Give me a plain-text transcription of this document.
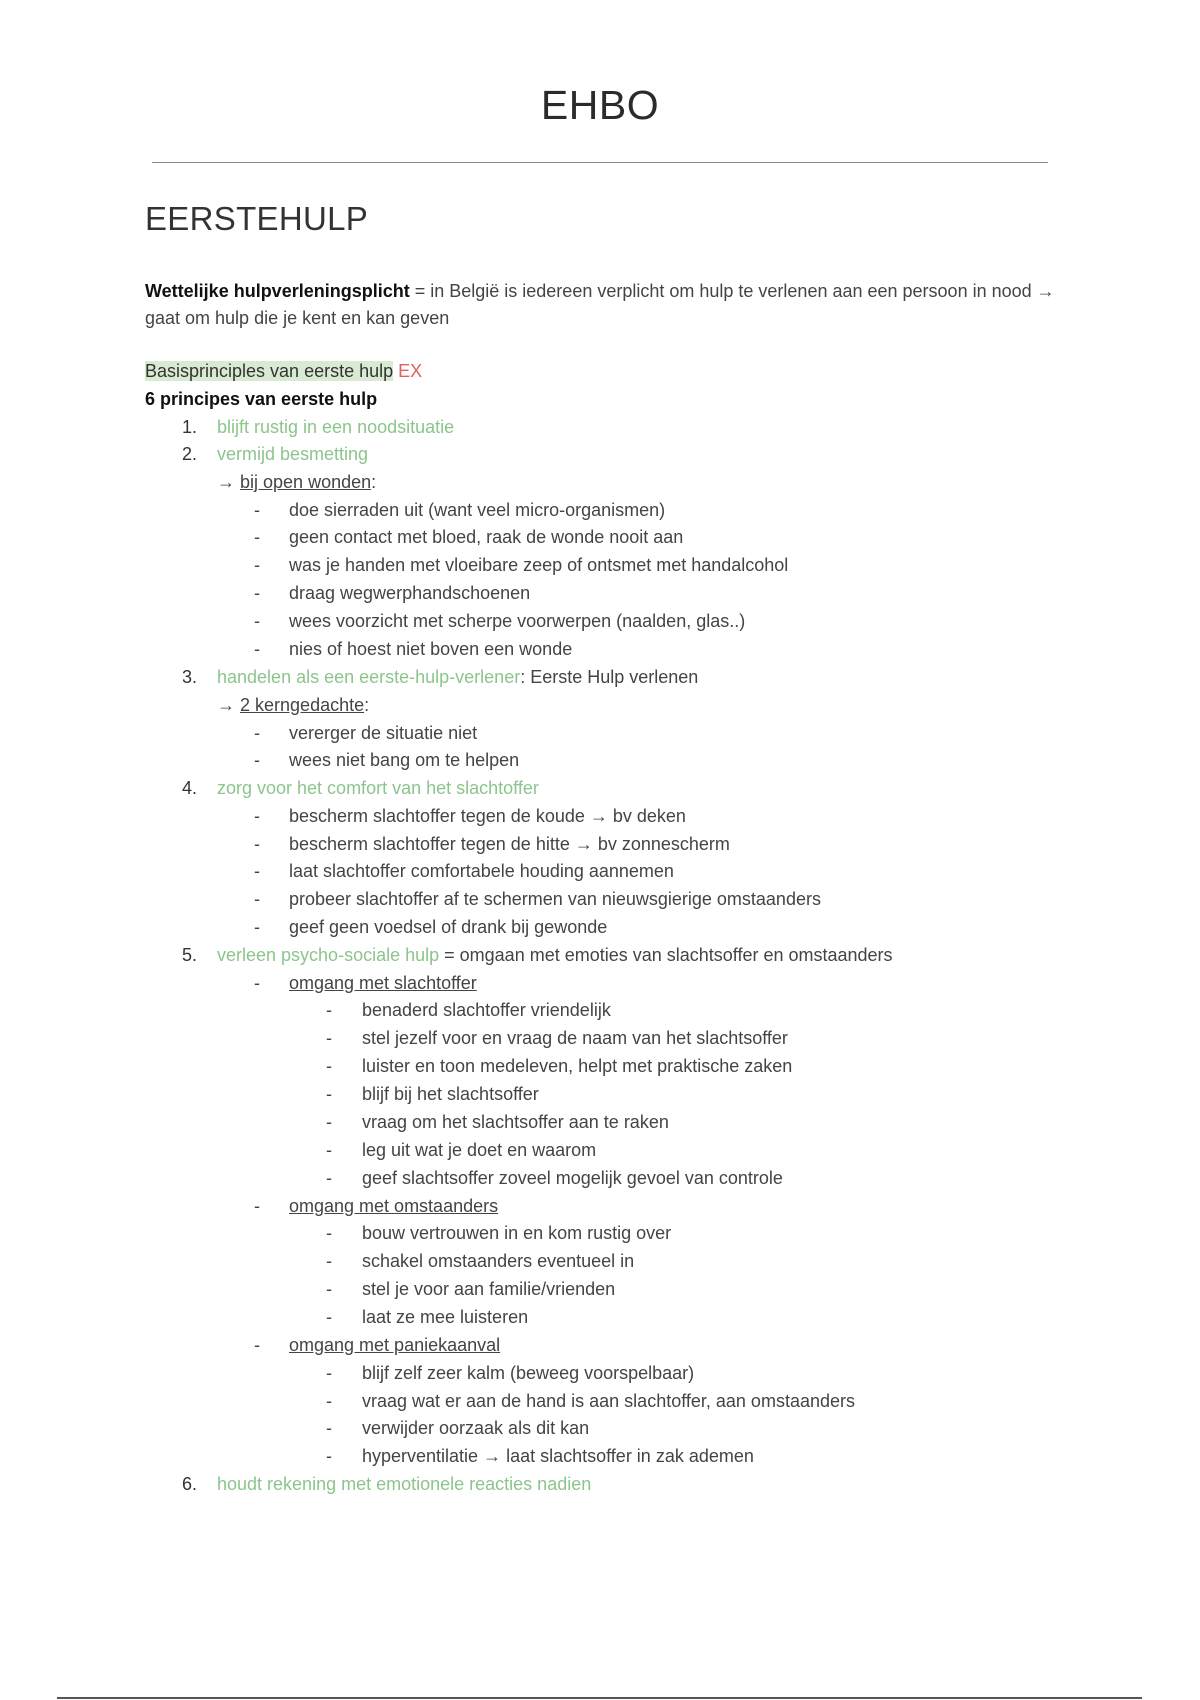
EHBO
EERSTEHULP
Wettelijke hulpverleningsplicht = in België is iedereen verplicht om hulp te verlenen aan een persoon in nood → gaat om hulp die je kent en kan geven
Basisprinciples van eerste hulp EX
6 principes van eerste hulp
1. blijft rustig in een noodsituatie
2. vermijd besmetting
→ bij open wonden:
- doe sierraden uit (want veel micro-organismen)
- geen contact met bloed, raak de wonde nooit aan
- was je handen met vloeibare zeep of ontsmet met handalcohol
- draag wegwerphandschoenen
- wees voorzicht met scherpe voorwerpen (naalden, glas..)
- nies of hoest niet boven een wonde
3. handelen als een eerste-hulp-verlener: Eerste Hulp verlenen
→ 2 kerngedachte:
- vererger de situatie niet
- wees niet bang om te helpen
4. zorg voor het comfort van het slachtoffer
- bescherm slachtoffer tegen de koude → bv deken
- bescherm slachtoffer tegen de hitte → bv zonnescherm
- laat slachtoffer comfortabele houding aannemen
- probeer slachtoffer af te schermen van nieuwsgierige omstaanders
- geef geen voedsel of drank bij gewonde
5. verleen psycho-sociale hulp = omgaan met emoties van slachtsoffer en omstaanders
- omgang met slachtoffer
- benaderd slachtoffer vriendelijk
- stel jezelf voor en vraag de naam van het slachtsoffer
- luister en toon medeleven, helpt met praktische zaken
- blijf bij het slachtsoffer
- vraag om het slachtsoffer aan te raken
- leg uit wat je doet en waarom
- geef slachtsoffer zoveel mogelijk gevoel van controle
- omgang met omstaanders
- bouw vertrouwen in en kom rustig over
- schakel omstaanders eventueel in
- stel je voor aan familie/vrienden
- laat ze mee luisteren
- omgang met paniekaanval
- blijf zelf zeer kalm (beweeg voorspelbaar)
- vraag wat er aan de hand is aan slachtoffer, aan omstaanders
- verwijder oorzaak als dit kan
- hyperventilatie → laat slachtsoffer in zak ademen
6. houdt rekening met emotionele reacties nadien
